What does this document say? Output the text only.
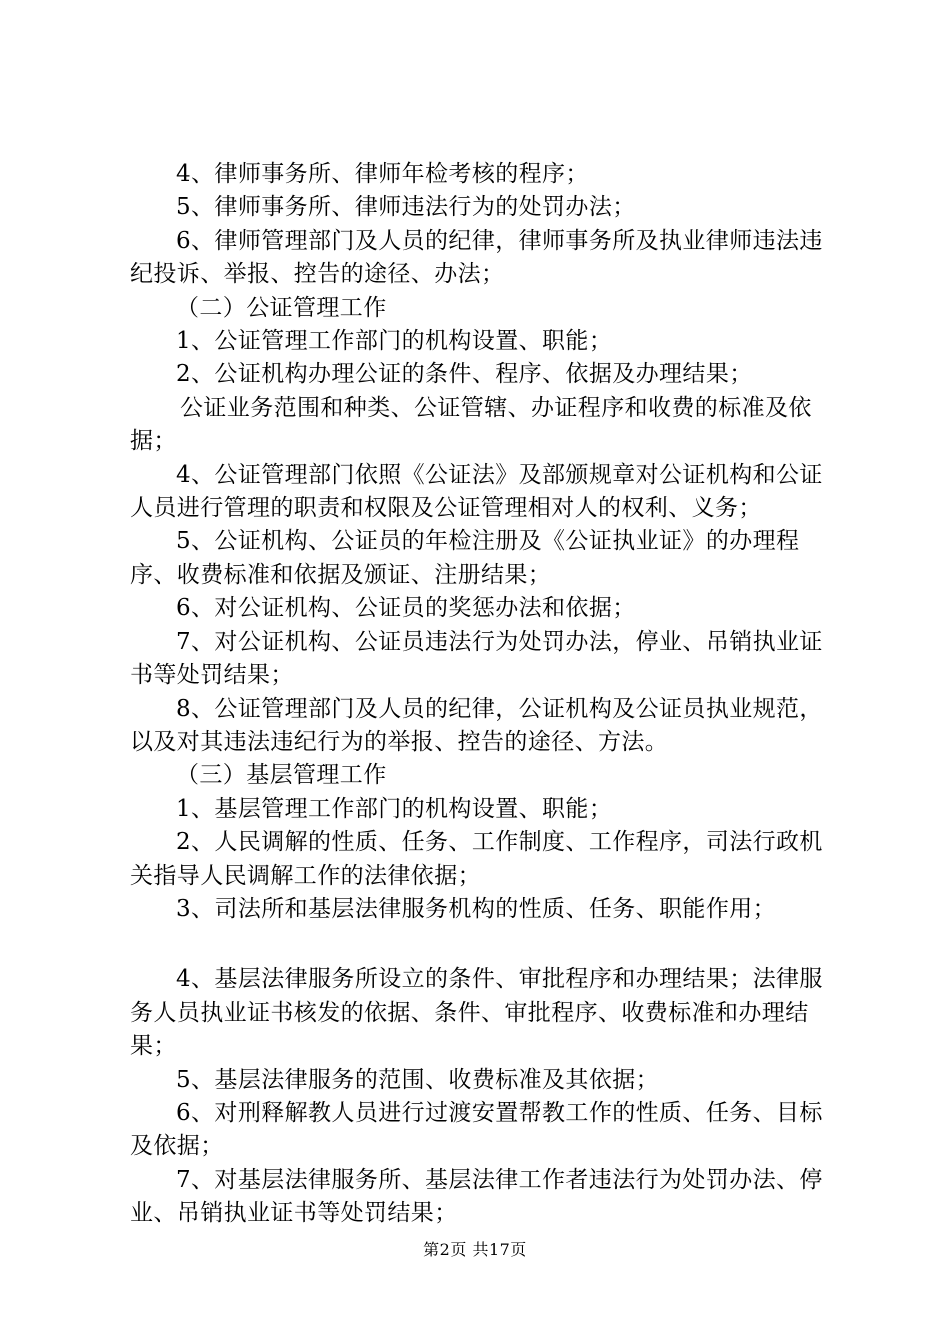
4、律师事务所、律师年检考核的程序；

5、律师事务所、律师违法行为的处罚办法；

6、律师管理部门及人员的纪律，律师事务所及执业律师违法违纪投诉、举报、控告的途径、办法；

（二）公证管理工作

1、公证管理工作部门的机构设置、职能；

2、公证机构办理公证的条件、程序、依据及办理结果；

公证业务范围和种类、公证管辖、办证程序和收费的标准及依据；

4、公证管理部门依照《公证法》及部颁规章对公证机构和公证人员进行管理的职责和权限及公证管理相对人的权利、义务；

5、公证机构、公证员的年检注册及《公证执业证》的办理程序、收费标准和依据及颁证、注册结果；

6、对公证机构、公证员的奖惩办法和依据；

7、对公证机构、公证员违法行为处罚办法，停业、吊销执业证书等处罚结果；

8、公证管理部门及人员的纪律，公证机构及公证员执业规范，以及对其违法违纪行为的举报、控告的途径、方法。

（三）基层管理工作

1、基层管理工作部门的机构设置、职能；

2、人民调解的性质、任务、工作制度、工作程序，司法行政机关指导人民调解工作的法律依据；

3、司法所和基层法律服务机构的性质、任务、职能作用；

4、基层法律服务所设立的条件、审批程序和办理结果；法律服务人员执业证书核发的依据、条件、审批程序、收费标准和办理结果；

5、基层法律服务的范围、收费标准及其依据；

6、对刑释解教人员进行过渡安置帮教工作的性质、任务、目标及依据；

7、对基层法律服务所、基层法律工作者违法行为处罚办法、停业、吊销执业证书等处罚结果；

第2页 共17页
